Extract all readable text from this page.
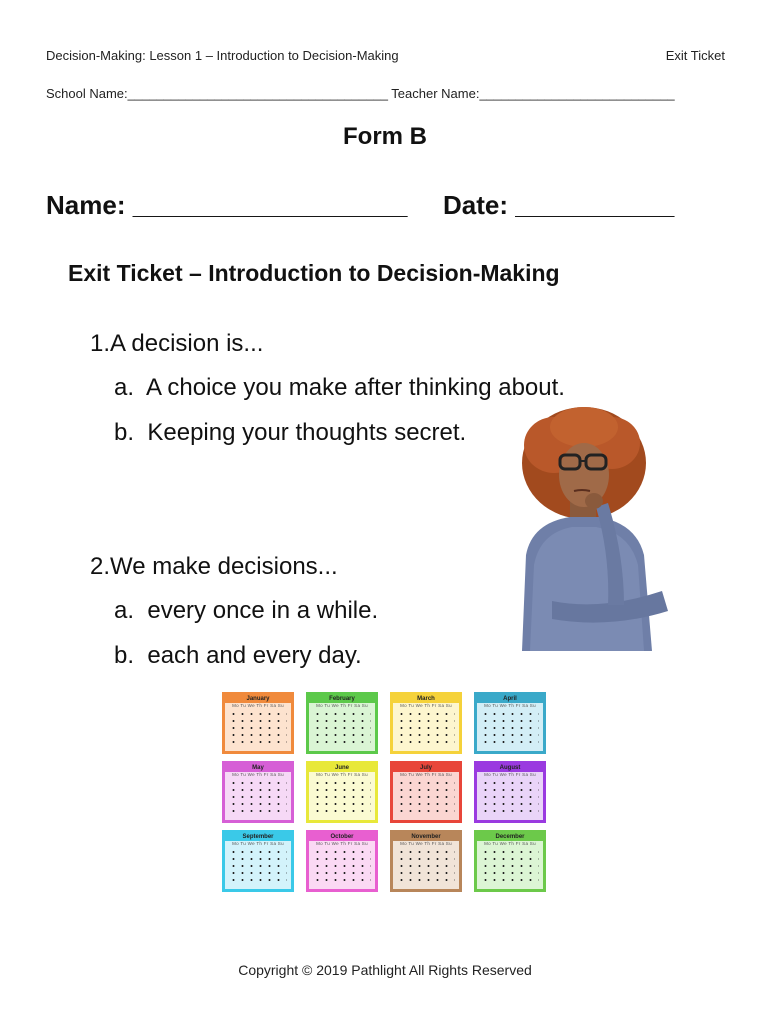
Decision-Making: Lesson 1 – Introduction to Decision-Making	Exit Ticket
School Name:____________________________________ Teacher Name:___________________________
Form B
Name: ___________________ Date: ___________
Exit Ticket – Introduction to Decision-Making
1.A decision is...
a. A choice you make after thinking about.
b. Keeping your thoughts secret.
2.We make decisions...
a. every once in a while.
b. each and every day.
January
Mo Tu We Th Fr Sa Su
February
Mo Tu We Th Fr Sa Su
March
Mo Tu We Th Fr Sa Su
April
Mo Tu We Th Fr Sa Su
May
Mo Tu We Th Fr Sa Su
June
Mo Tu We Th Fr Sa Su
July
Mo Tu We Th Fr Sa Su
August
Mo Tu We Th Fr Sa Su
September
Mo Tu We Th Fr Sa Su
October
Mo Tu We Th Fr Sa Su
November
Mo Tu We Th Fr Sa Su
December
Mo Tu We Th Fr Sa Su
Copyright © 2019 Pathlight All Rights Reserved
